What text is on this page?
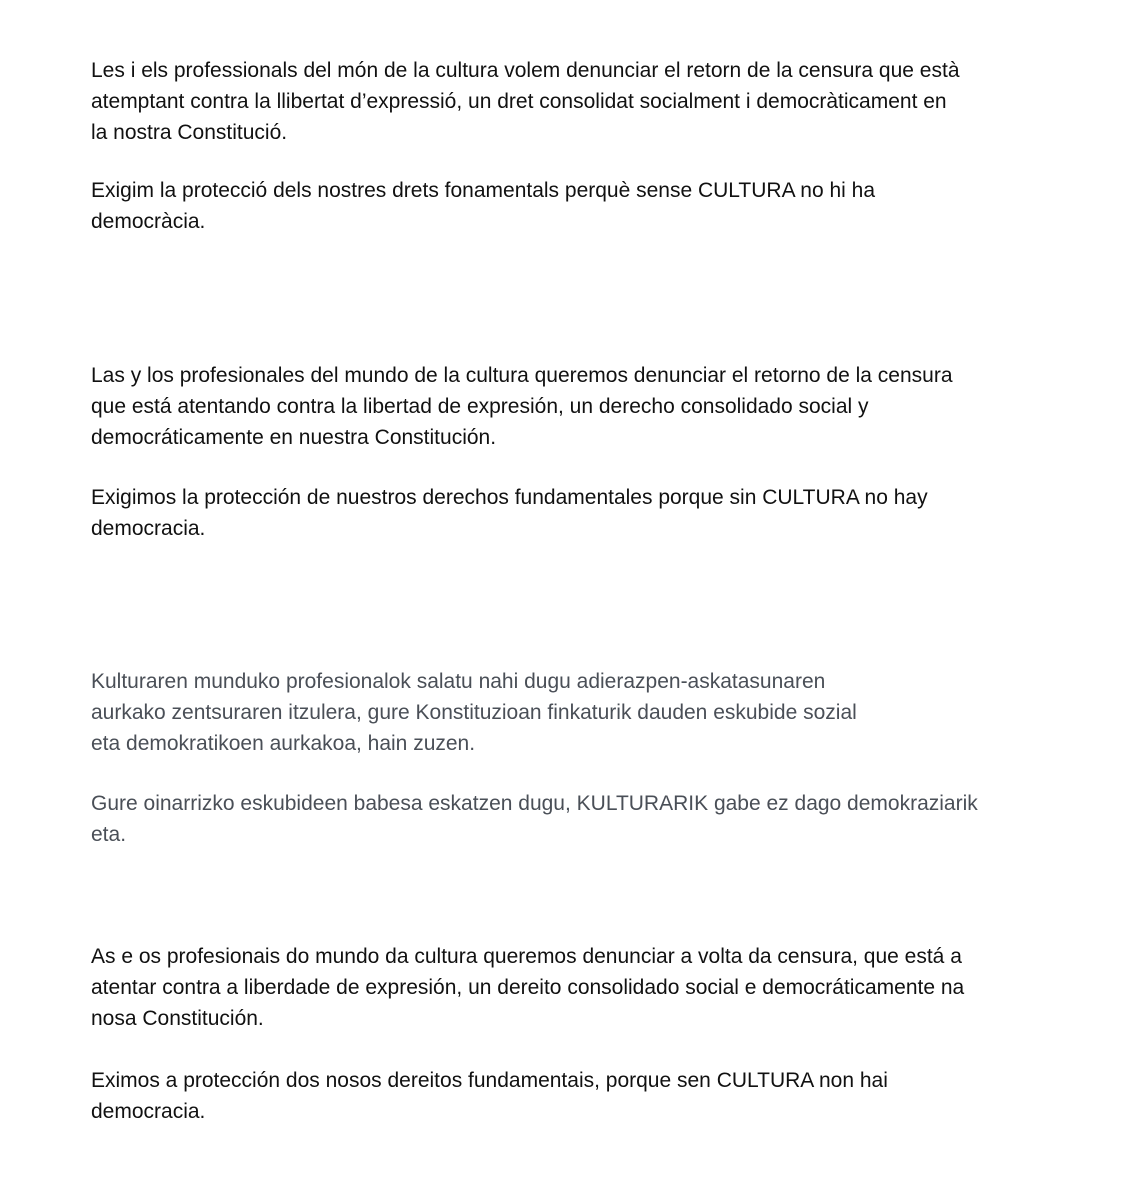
Les i els professionals del món de la cultura volem denunciar el retorn de la censura que està
atemptant contra la llibertat d’expressió, un dret consolidat socialment i democràticament en
la nostra Constitució.

Exigim la protecció dels nostres drets fonamentals perquè sense CULTURA no hi ha
democràcia.

Las y los profesionales del mundo de la cultura queremos denunciar el retorno de la censura
que está atentando contra la libertad de expresión, un derecho consolidado social y
democráticamente en nuestra Constitución.

Exigimos la protección de nuestros derechos fundamentales porque sin CULTURA no hay
democracia.

Kulturaren munduko profesionalok salatu nahi dugu adierazpen-askatasunaren
aurkako zentsuraren itzulera, gure Konstituzioan finkaturik dauden eskubide sozial
eta demokratikoen aurkakoa, hain zuzen.

Gure oinarrizko eskubideen babesa eskatzen dugu, KULTURARIK gabe ez dago demokraziarik
eta.

As e os profesionais do mundo da cultura queremos denunciar a volta da censura, que está a
atentar contra a liberdade de expresión, un dereito consolidado social e democráticamente na
nosa Constitución.

Eximos a protección dos nosos dereitos fundamentais, porque sen CULTURA non hai
democracia.
